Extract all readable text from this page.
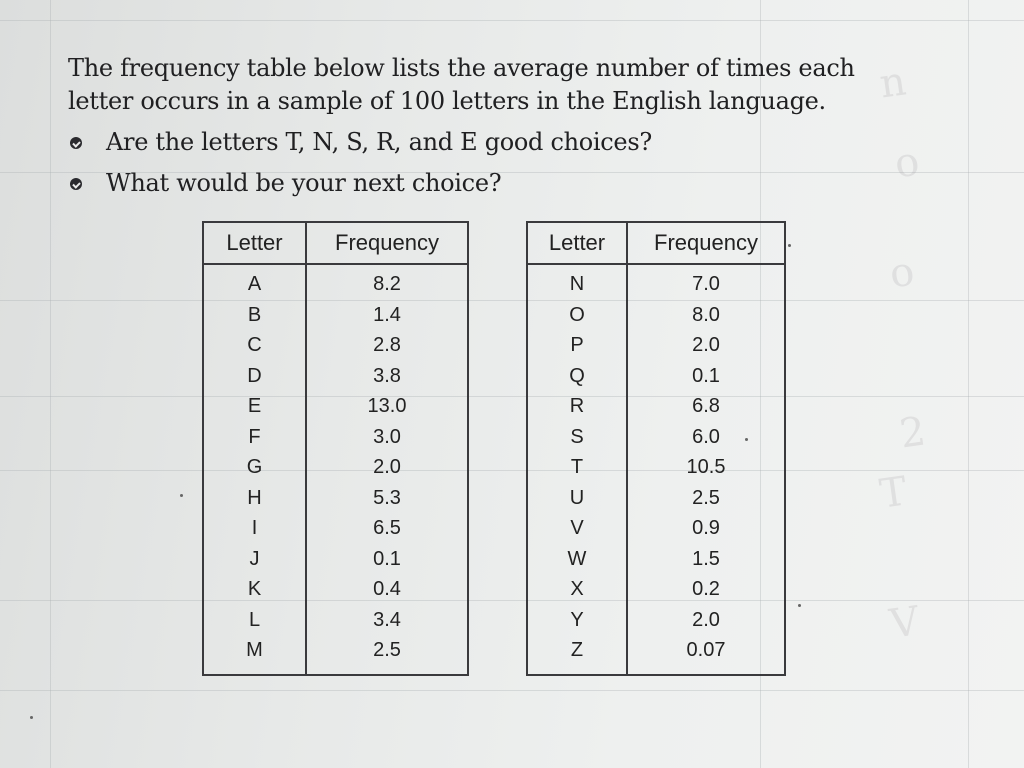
n
o
o
2
T
V

The frequency table below lists the average number of times each

letter occurs in a sample of 100 letters in the English language.

Are the letters T, N, S, R, and E good choices?
What would be your next choice?
Letter	Frequency
A	8.2
B	1.4
C	2.8
D	3.8
E	13.0
F	3.0
G	2.0
H	5.3
I	6.5
J	0.1
K	0.4
L	3.4
M	2.5
Letter	Frequency
N	7.0
O	8.0
P	2.0
Q	0.1
R	6.8
S	6.0
T	10.5
U	2.5
V	0.9
W	1.5
X	0.2
Y	2.0
Z	0.07
